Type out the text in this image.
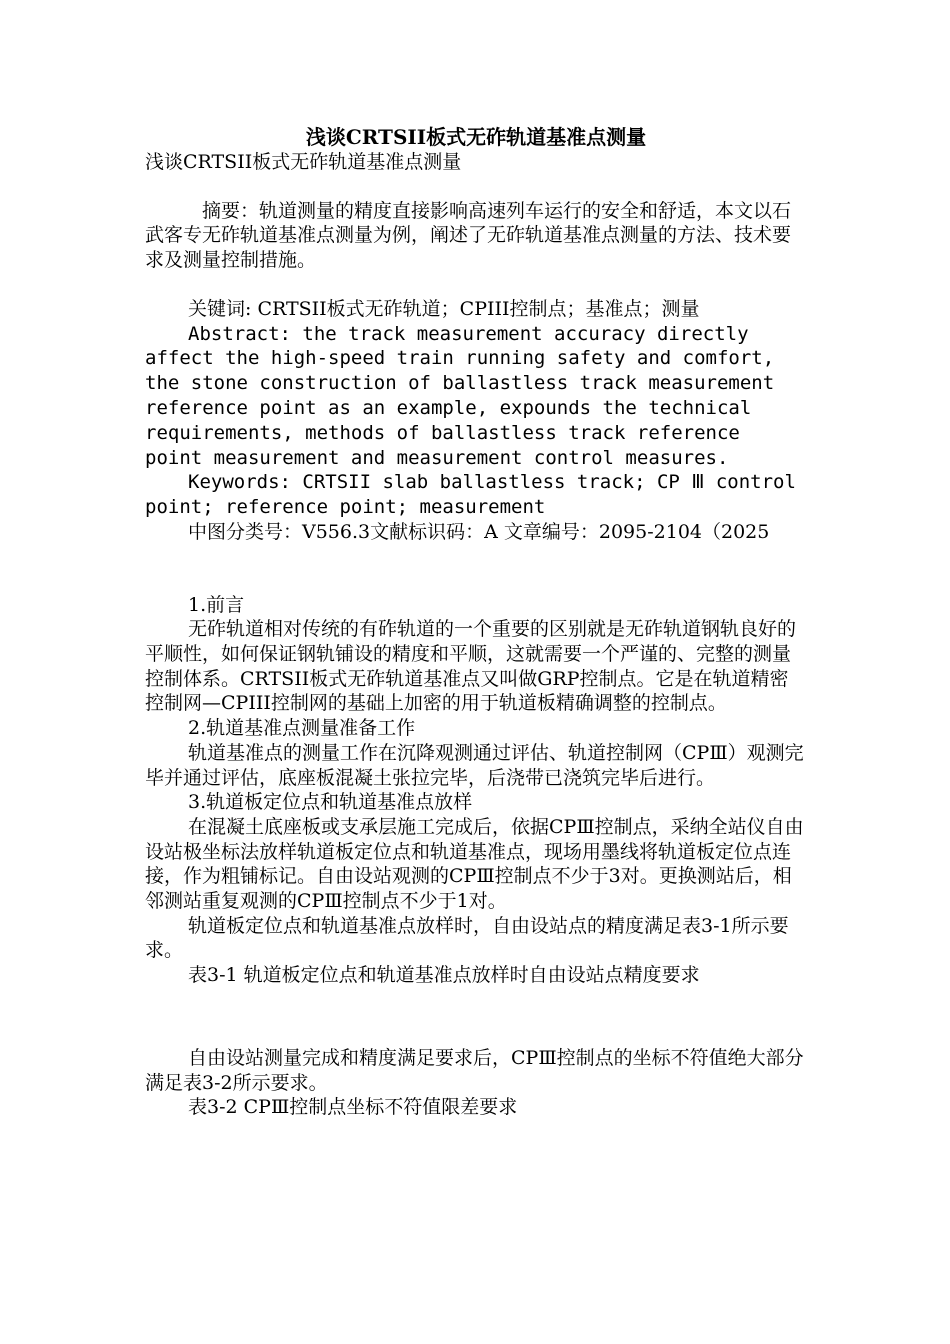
浅谈CRTSII板式无砟轨道基准点测量

浅谈CRTSII板式无砟轨道基准点测量

摘要：轨道测量的精度直接影响高速列车运行的安全和舒适，本文以石武客专无砟轨道基准点测量为例，阐述了无砟轨道基准点测量的方法、技术要求及测量控制措施。

关键词: CRTSII板式无砟轨道；CPIII控制点；基准点；测量

Abstract: the track measurement accuracy directly affect the high-speed train running safety and comfort, the stone construction of ballastless track measurement reference point as an example, expounds the technical requirements, methods of ballastless track reference point measurement and measurement control measures.

Keywords: CRTSII slab ballastless track; CP Ⅲ control point; reference point; measurement

中图分类号：V556.3文献标识码：A 文章编号：2095-2104（2025

1.前言

无砟轨道相对传统的有砟轨道的一个重要的区别就是无砟轨道钢轨良好的平顺性，如何保证钢轨铺设的精度和平顺，这就需要一个严谨的、完整的测量控制体系。CRTSII板式无砟轨道基准点又叫做GRP控制点。它是在轨道精密控制网—CPIII控制网的基础上加密的用于轨道板精确调整的控制点。

2.轨道基准点测量准备工作

轨道基准点的测量工作在沉降观测通过评估、轨道控制网（CPⅢ）观测完毕并通过评估，底座板混凝土张拉完毕，后浇带已浇筑完毕后进行。

3.轨道板定位点和轨道基准点放样

在混凝土底座板或支承层施工完成后，依据CPⅢ控制点，采纳全站仪自由设站极坐标法放样轨道板定位点和轨道基准点，现场用墨线将轨道板定位点连接，作为粗铺标记。自由设站观测的CPⅢ控制点不少于3对。更换测站后，相邻测站重复观测的CPⅢ控制点不少于1对。

轨道板定位点和轨道基准点放样时，自由设站点的精度满足表3-1所示要求。

表3-1 轨道板定位点和轨道基准点放样时自由设站点精度要求

自由设站测量完成和精度满足要求后，CPⅢ控制点的坐标不符值绝大部分满足表3-2所示要求。

表3-2 CPⅢ控制点坐标不符值限差要求
